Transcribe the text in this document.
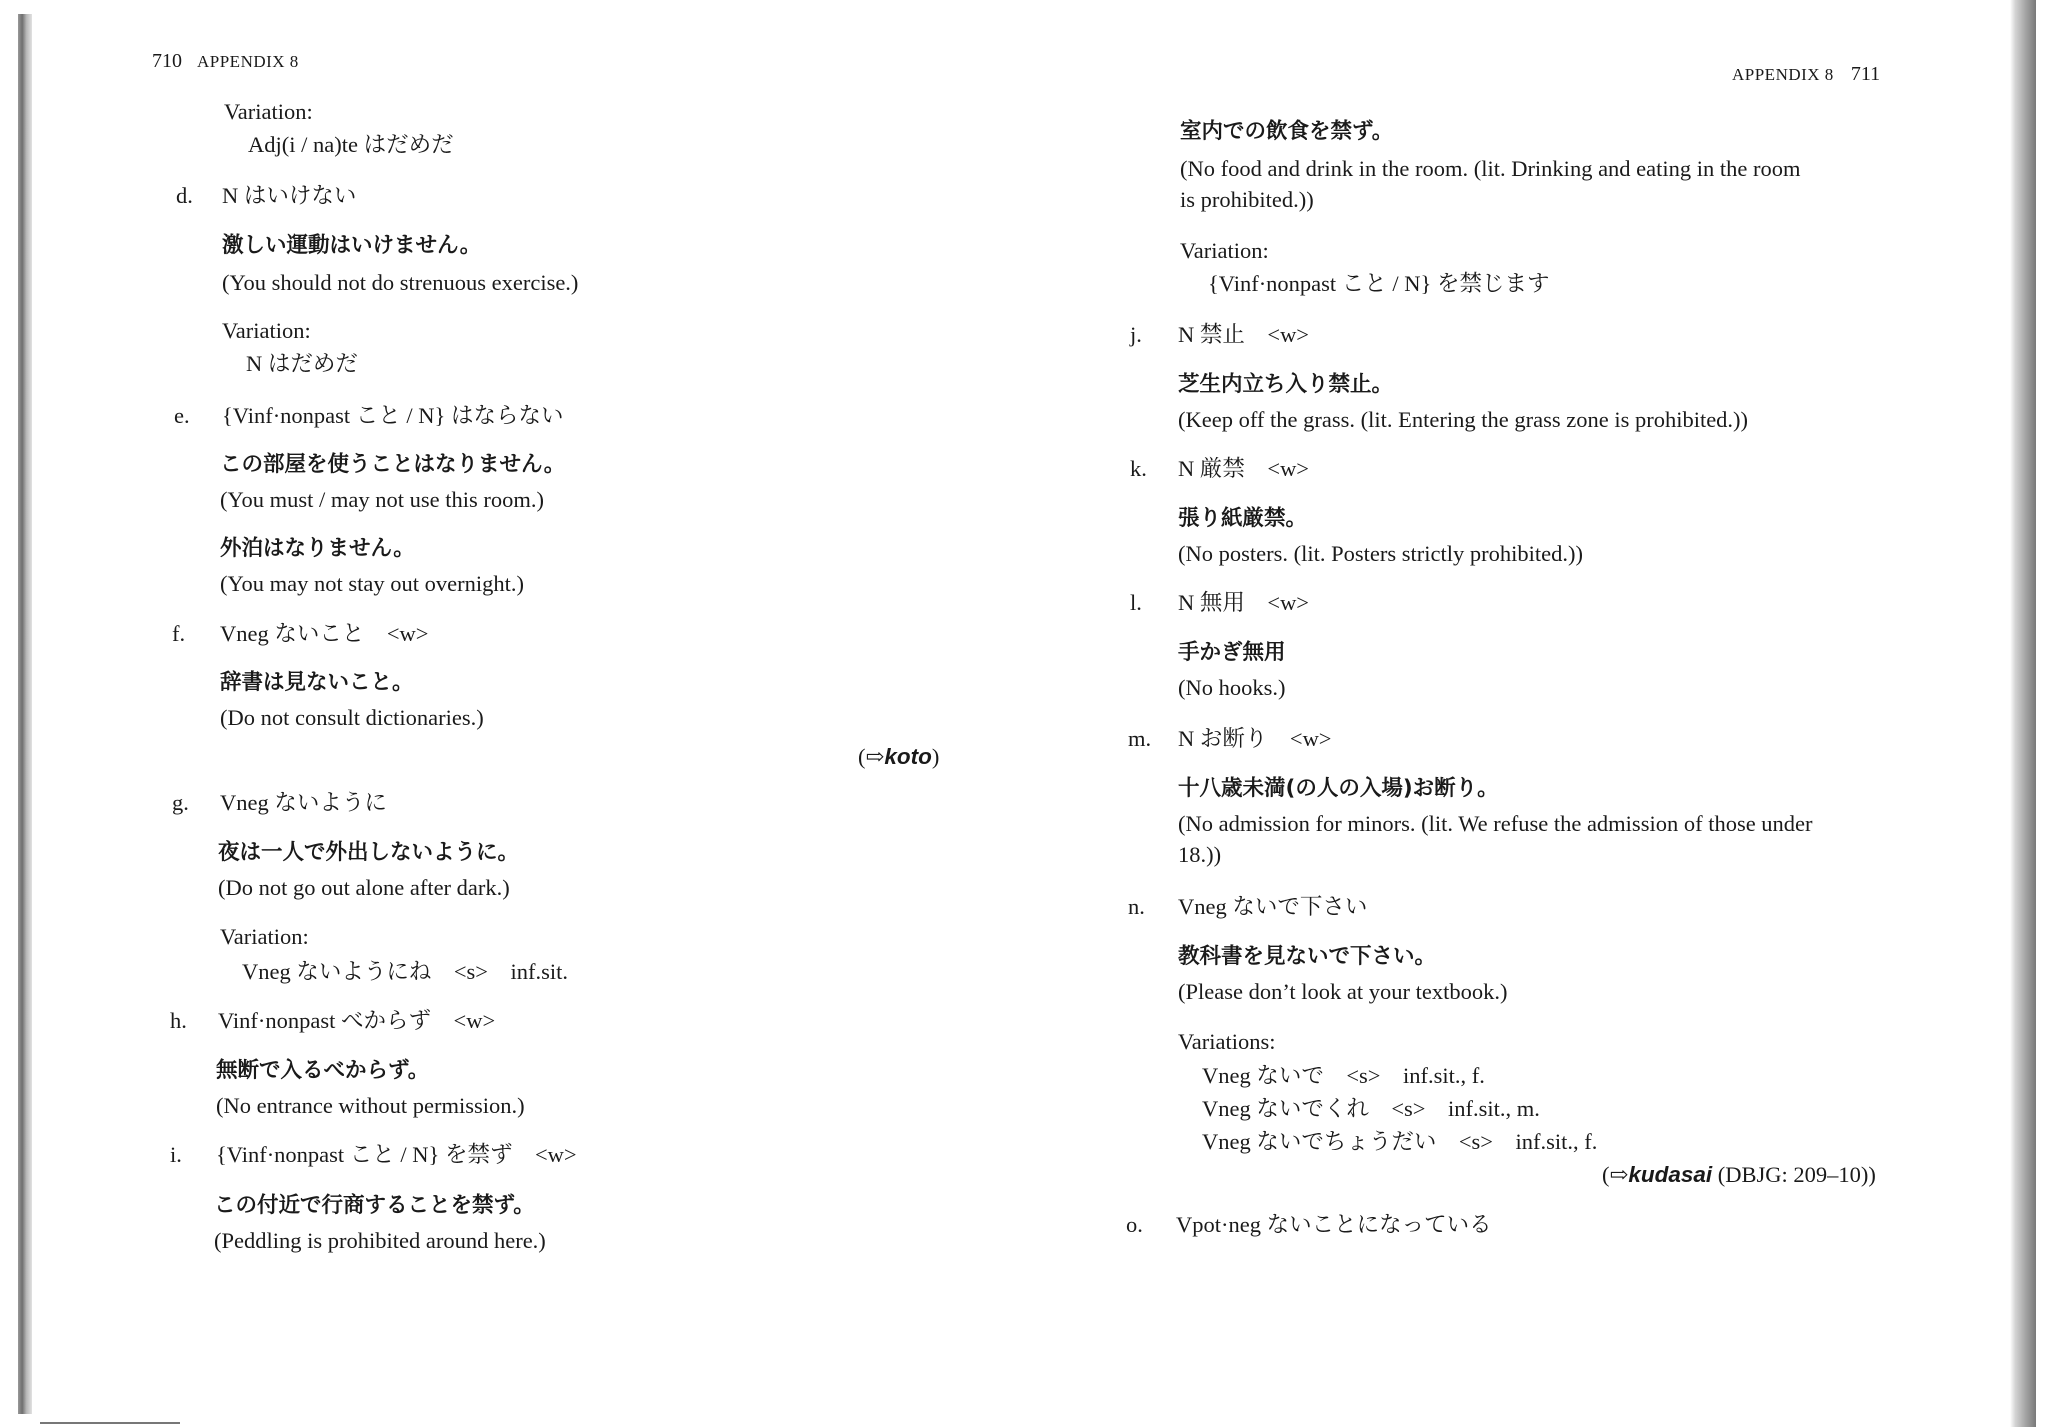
710 APPENDIX 8
Variation:
Adj(i / na)te はだめだ
d. N はいけない
激しい運動はいけません。
(You should not do strenuous exercise.)
Variation:
N はだめだ
e. {Vinf·nonpast こと / N} はならない
この部屋を使うことはなりません。
(You must / may not use this room.)
外泊はなりません。
(You may not stay out overnight.)
f. Vneg ないこと　<w>
辞書は見ないこと。
(Do not consult dictionaries.)
g. Vneg ないように
夜は一人で外出しないように。
(Do not go out alone after dark.)
Variation:
Vneg ないようにね　<s>　inf.sit.
h. Vinf·nonpast べからず　<w>
無断で入るべからず。
(No entrance without permission.)
i. {Vinf·nonpast こと / N} を禁ず　<w>
この付近で行商することを禁ず。
(Peddling is prohibited around here.)
(⇨koto)
APPENDIX 8 711
室内での飲食を禁ず。
(No food and drink in the room. (lit. Drinking and eating in the room
is prohibited.))
Variation:
{Vinf·nonpast こと / N} を禁じます
j. N 禁止　<w>
芝生内立ち入り禁止。
(Keep off the grass. (lit. Entering the grass zone is prohibited.))
k. N 厳禁　<w>
張り紙厳禁。
(No posters. (lit. Posters strictly prohibited.))
l. N 無用　<w>
手かぎ無用
(No hooks.)
m. N お断り　<w>
十八歳未満(の人の入場)お断り。
(No admission for minors. (lit. We refuse the admission of those under
18.))
n. Vneg ないで下さい
教科書を見ないで下さい。
(Please don’t look at your textbook.)
Variations:
Vneg ないで　<s>　inf.sit., f.
Vneg ないでくれ　<s>　inf.sit., m.
Vneg ないでちょうだい　<s>　inf.sit., f.
o. Vpot·neg ないことになっている
(⇨kudasai (DBJG: 209–10))
